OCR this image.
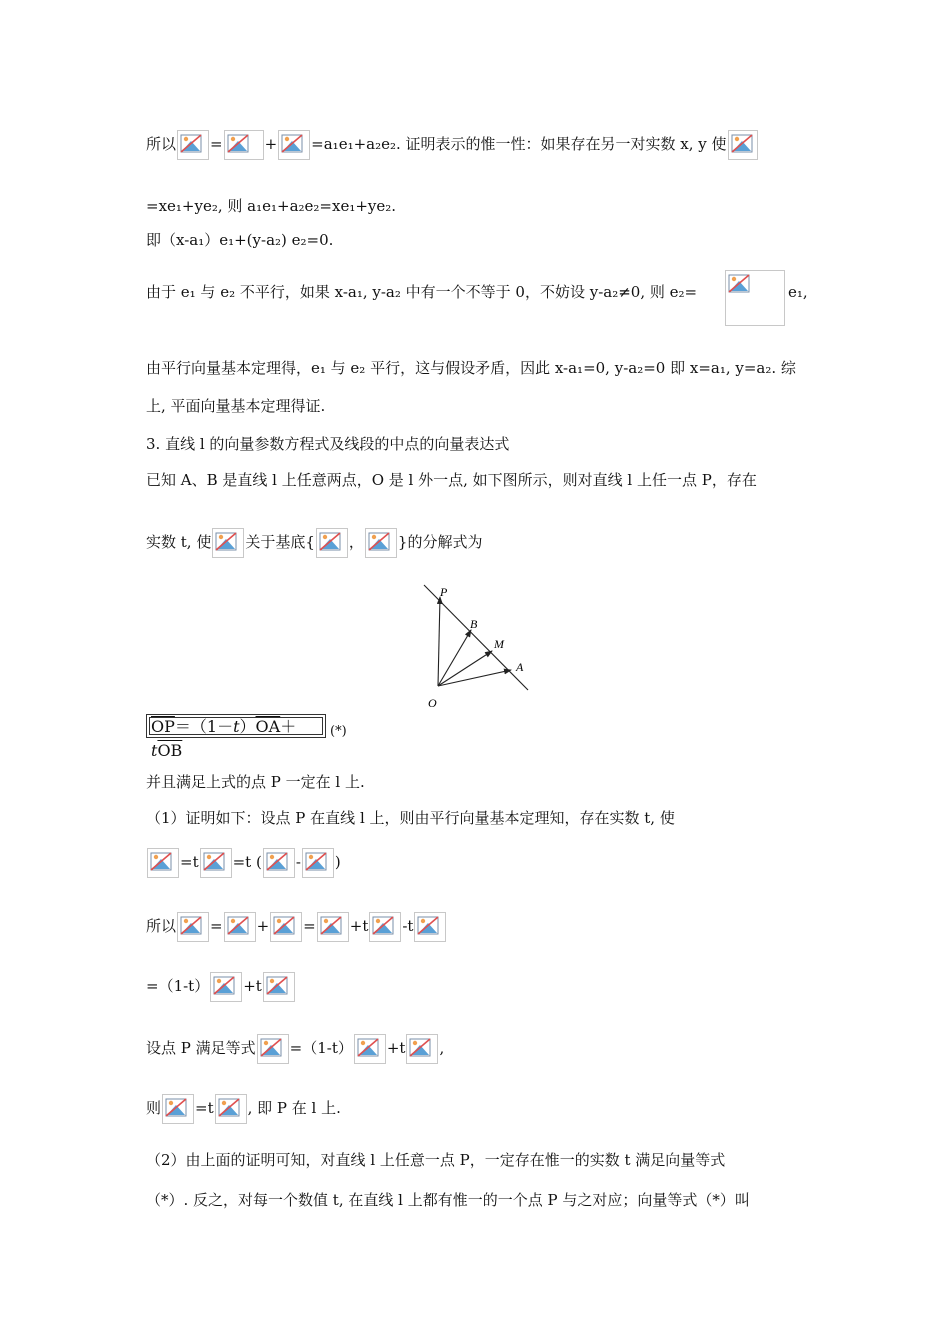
所以 =	+ =a₁e₁+a₂e₂. 证明表示的惟一性：如果存在另一对实数 x, y 使
=xe₁+ye₂, 则 a₁e₁+a₂e₂=xe₁+ye₂.
即（x-a₁）e₁+(y-a₂) e₂=0.
由于 e₁ 与 e₂ 不平行，如果 x-a₁, y-a₂ 中有一个不等于 0，不妨设 y-a₂≠0, 则 e₂=	e₁,
由平行向量基本定理得，e₁ 与 e₂ 平行，这与假设矛盾，因此 x-a₁=0, y-a₂=0 即 x=a₁, y=a₂. 综
上, 平面向量基本定理得证.
3. 直线 l 的向量参数方程式及线段的中点的向量表达式
已知 A、B 是直线 l 上任意两点，O 是 l 外一点, 如下图所示，则对直线 l 上任一点 P，存在
实数 t, 使 关于基底{ ， }的分解式为
P
B
M
A
O
$\overline{OP}=(1-t)\overline{OA}+t\overline{OB}$
(*)
并且满足上式的点 P 一定在 l 上.
（1）证明如下：设点 P 在直线 l 上，则由平行向量基本定理知，存在实数 t, 使
=t =t ( - )
所以 = + = +t -t
=（1-t） +t
设点 P 满足等式 =（1-t） +t ,
则 =t , 即 P 在 l 上.
（2）由上面的证明可知，对直线 l 上任意一点 P，一定存在惟一的实数 t 满足向量等式
（*）. 反之，对每一个数值 t, 在直线 l 上都有惟一的一个点 P 与之对应；向量等式（*）叫
